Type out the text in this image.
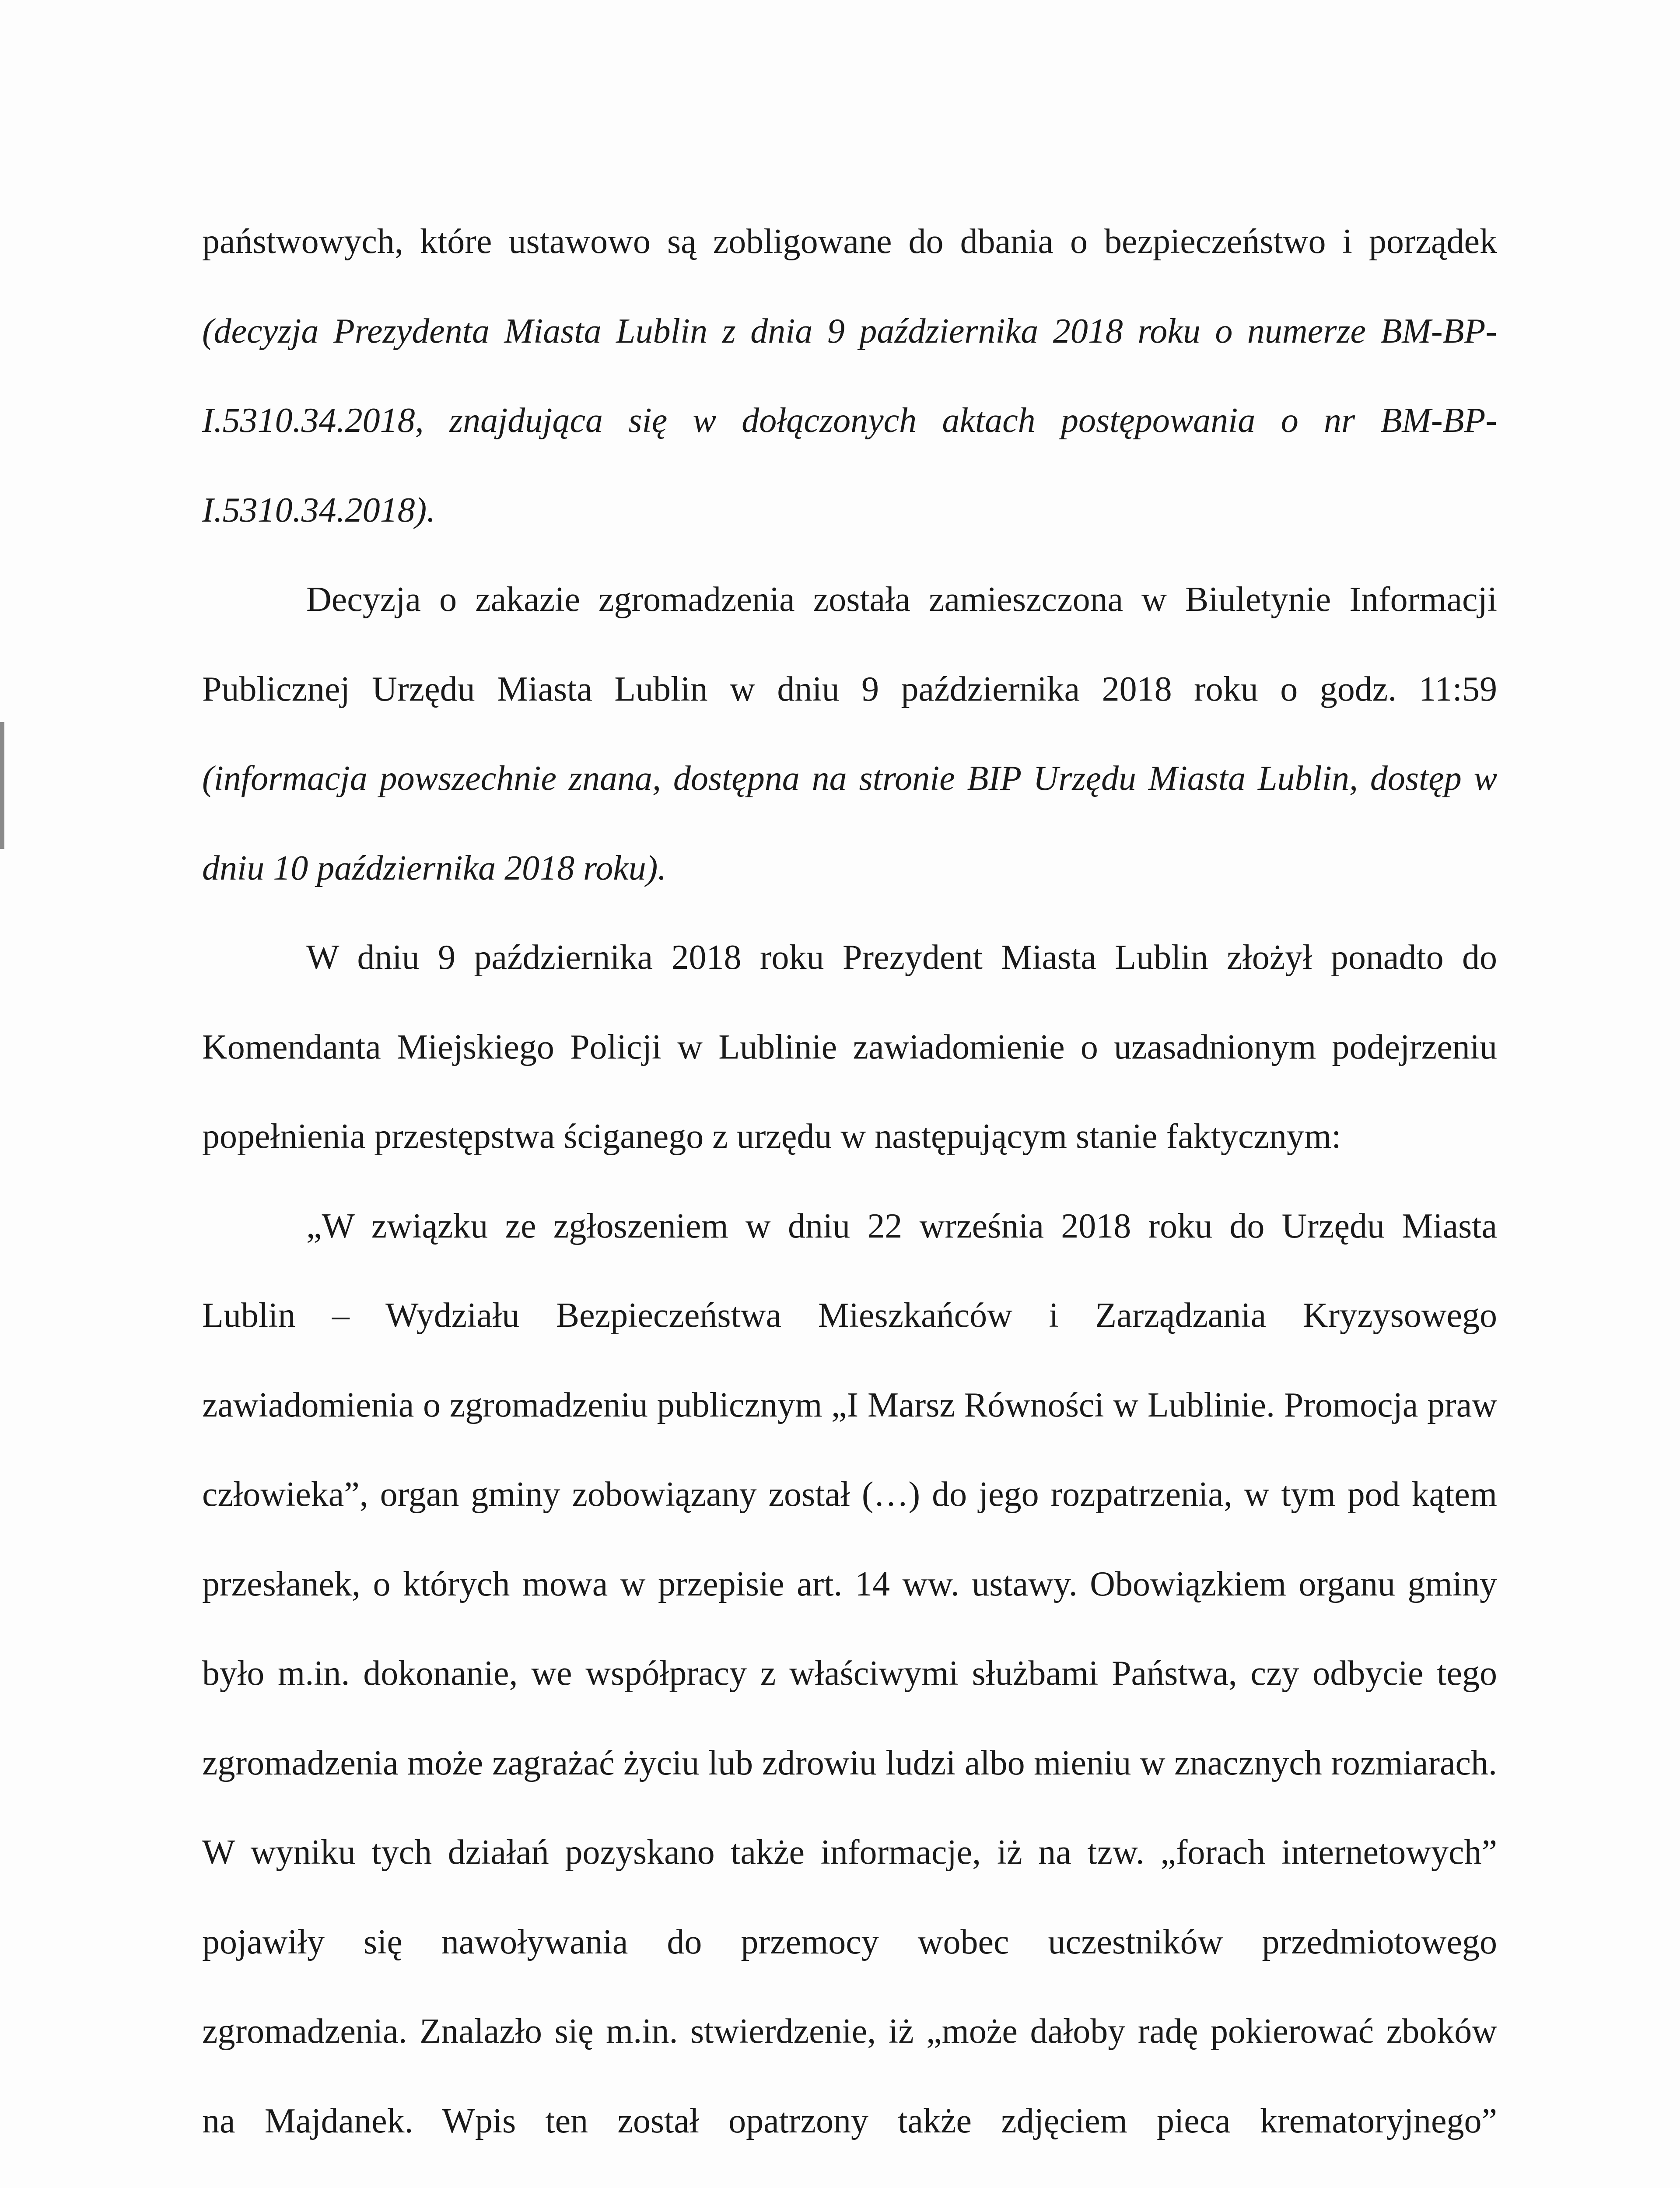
państwowych, które ustawowo są zobligowane do dbania o bezpieczeństwo i porządek (decyzja Prezydenta Miasta Lublin z dnia 9 października 2018 roku o numerze BM-BP-I.5310.34.2018, znajdująca się w dołączonych aktach postępowania o nr BM-BP-I.5310.34.2018).

Decyzja o zakazie zgromadzenia została zamieszczona w Biuletynie Informacji Publicznej Urzędu Miasta Lublin w dniu 9 października 2018 roku o godz. 11:59 (informacja powszechnie znana, dostępna na stronie BIP Urzędu Miasta Lublin, dostęp w dniu 10 października 2018 roku).

W dniu 9 października 2018 roku Prezydent Miasta Lublin złożył ponadto do Komendanta Miejskiego Policji w Lublinie zawiadomienie o uzasadnionym podejrzeniu popełnienia przestępstwa ściganego z urzędu w następującym stanie faktycznym:

„W związku ze zgłoszeniem w dniu 22 września 2018 roku do Urzędu Miasta Lublin – Wydziału Bezpieczeństwa Mieszkańców i Zarządzania Kryzysowego zawiadomienia o zgromadzeniu publicznym „I Marsz Równości w Lublinie. Promocja praw człowieka”, organ gminy zobowiązany został (…) do jego rozpatrzenia, w tym pod kątem przesłanek, o których mowa w przepisie art. 14 ww. ustawy. Obowiązkiem organu gminy było m.in. dokonanie, we współpracy z właściwymi służbami Państwa, czy odbycie tego zgromadzenia może zagrażać życiu lub zdrowiu ludzi albo mieniu w znacznych rozmiarach. W wyniku tych działań pozyskano także informacje, iż na tzw. „forach internetowych” pojawiły się nawoływania do przemocy wobec uczestników przedmiotowego zgromadzenia. Znalazło się m.in. stwierdzenie, iż „może dałoby radę pokierować zboków na Majdanek. Wpis ten został opatrzony także zdjęciem pieca krematoryjnego”
